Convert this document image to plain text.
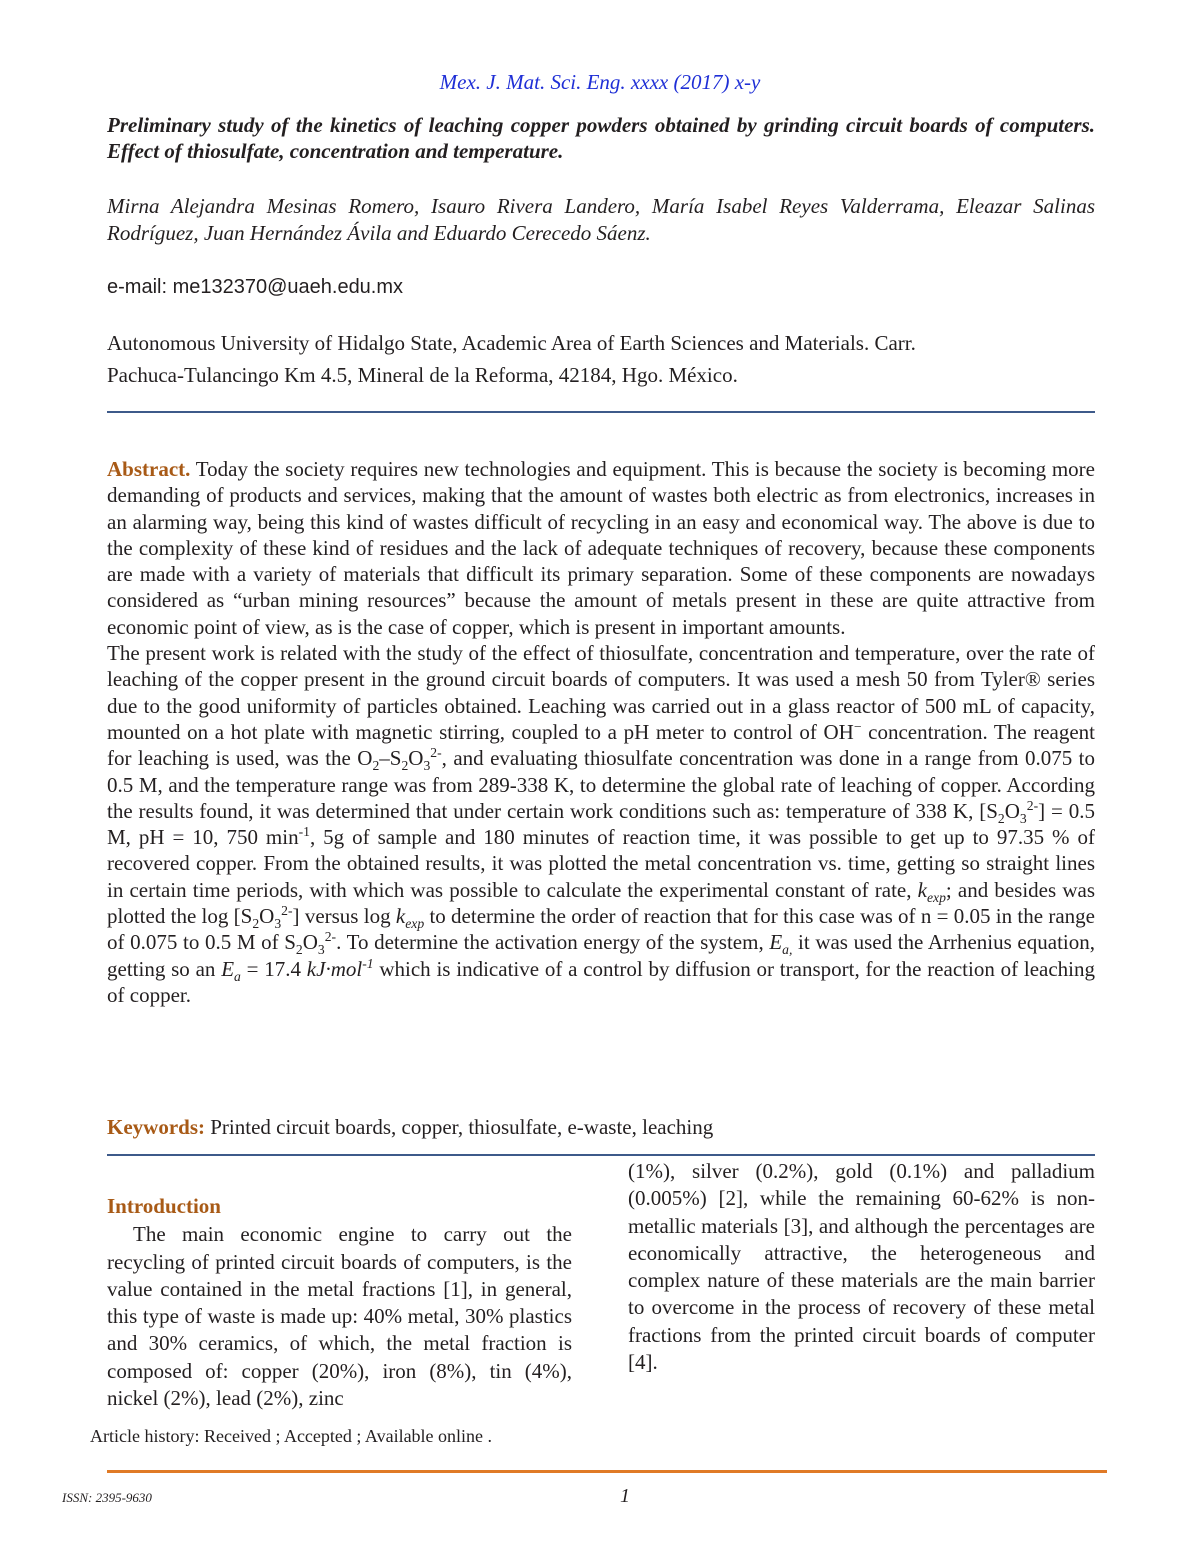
Mex. J. Mat. Sci. Eng. xxxx (2017) x-y
Preliminary study of the kinetics of leaching copper powders obtained by grinding circuit boards of computers. Effect of thiosulfate, concentration and temperature.
Mirna Alejandra Mesinas Romero, Isauro Rivera Landero, María Isabel Reyes Valderrama, Eleazar Salinas Rodríguez, Juan Hernández Ávila and Eduardo Cerecedo Sáenz.
e-mail: me132370@uaeh.edu.mx
Autonomous University of Hidalgo State, Academic Area of Earth Sciences and Materials. Carr.
Pachuca-Tulancingo Km 4.5, Mineral de la Reforma, 42184, Hgo. México.

Abstract. Today the society requires new technologies and equipment. This is because the society is becoming more demanding of products and services, making that the amount of wastes both electric as from electronics, increases in an alarming way, being this kind of wastes difficult of recycling in an easy and economical way. The above is due to the complexity of these kind of residues and the lack of adequate techniques of recovery, because these components are made with a variety of materials that difficult its primary separation. Some of these components are nowadays considered as “urban mining resources” because the amount of metals present in these are quite attractive from economic point of view, as is the case of copper, which is present in important amounts.

The present work is related with the study of the effect of thiosulfate, concentration and temperature, over the rate of leaching of the copper present in the ground circuit boards of computers. It was used a mesh 50 from Tyler® series due to the good uniformity of particles obtained. Leaching was carried out in a glass reactor of 500 mL of capacity, mounted on a hot plate with magnetic stirring, coupled to a pH meter to control of OH− concentration. The reagent for leaching is used, was the $O_2-S_2O_3^{2-}$, and evaluating thiosulfate concentration was done in a range from 0.075 to 0.5 M, and the temperature range was from 289-338 K, to determine the global rate of leaching of copper. According the results found, it was determined that under certain work conditions such as: temperature of 338 K, $[S_2O_3^{2-}] = 0.5$ M, pH = 10, 750 $\min^{-1}$, 5g of sample and 180 minutes of reaction time, it was possible to get up to 97.35 % of recovered copper. From the obtained results, it was plotted the metal concentration vs. time, getting so straight lines in certain time periods, with which was possible to calculate the experimental constant of rate, $k_{exp}$; and besides was plotted the $\log [S_2O_3^{2-}]$ versus $\log k_{exp}$ to determine the order of reaction that for this case was of n = 0.05 in the range of 0.075 to 0.5 M of $S_2O_3^{2-}$. To determine the activation energy of the system, $E_{a,}$ it was used the Arrhenius equation, getting so an $E_a = 17.4$ kJ·mol$^{-1}$ which is indicative of a control by diffusion or transport, for the reaction of leaching of copper.

Keywords: Printed circuit boards, copper, thiosulfate, e-waste, leaching
Introduction

The main economic engine to carry out the recycling of printed circuit boards of computers, is the value contained in the metal fractions [1], in general, this type of waste is made up: 40% metal, 30% plastics and 30% ceramics, of which, the metal fraction is composed of: copper (20%), iron (8%), tin (4%), nickel (2%), lead (2%), zinc

(1%), silver (0.2%), gold (0.1%) and palladium (0.005%) [2], while the remaining 60-62% is non-metallic materials [3], and although the percentages are economically attractive, the heterogeneous and complex nature of these materials are the main barrier to overcome in the process of recovery of these metal fractions from the printed circuit boards of computer [4].

Article history: Received ; Accepted ; Available online .
ISSN: 2395-9630	1
